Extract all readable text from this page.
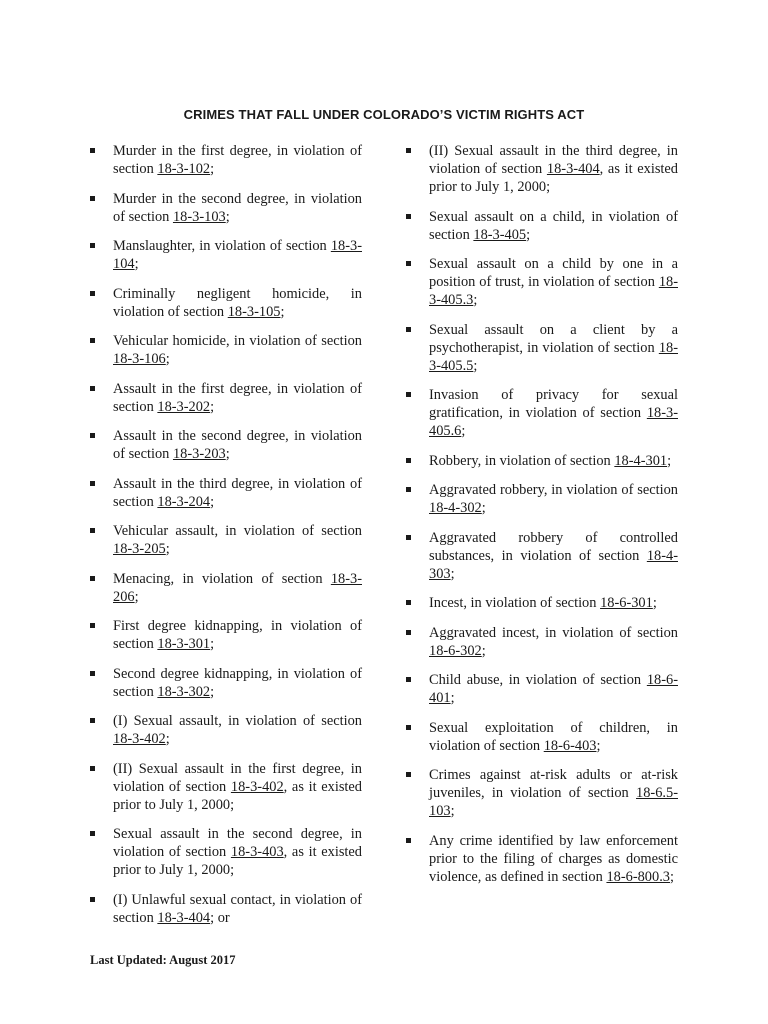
CRIMES THAT FALL UNDER COLORADO’S VICTIM RIGHTS ACT
Murder in the first degree, in violation of section 18-3-102;
Murder in the second degree, in violation of section 18-3-103;
Manslaughter, in violation of section 18-3-104;
Criminally negligent homicide, in violation of section 18-3-105;
Vehicular homicide, in violation of section 18-3-106;
Assault in the first degree, in violation of section 18-3-202;
Assault in the second degree, in violation of section 18-3-203;
Assault in the third degree, in violation of section 18-3-204;
Vehicular assault, in violation of section 18-3-205;
Menacing, in violation of section 18-3-206;
First degree kidnapping, in violation of section 18-3-301;
Second degree kidnapping, in violation of section 18-3-302;
(I) Sexual assault, in violation of section 18-3-402;
(II) Sexual assault in the first degree, in violation of section 18-3-402, as it existed prior to July 1, 2000;
Sexual assault in the second degree, in violation of section 18-3-403, as it existed prior to July 1, 2000;
(I) Unlawful sexual contact, in violation of section 18-3-404; or
(II) Sexual assault in the third degree, in violation of section 18-3-404, as it existed prior to July 1, 2000;
Sexual assault on a child, in violation of section 18-3-405;
Sexual assault on a child by one in a position of trust, in violation of section 18-3-405.3;
Sexual assault on a client by a psychotherapist, in violation of section 18-3-405.5;
Invasion of privacy for sexual gratification, in violation of section 18-3-405.6;
Robbery, in violation of section 18-4-301;
Aggravated robbery, in violation of section 18-4-302;
Aggravated robbery of controlled substances, in violation of section 18-4-303;
Incest, in violation of section 18-6-301;
Aggravated incest, in violation of section 18-6-302;
Child abuse, in violation of section 18-6-401;
Sexual exploitation of children, in violation of section 18-6-403;
Crimes against at-risk adults or at-risk juveniles, in violation of section 18-6.5-103;
Any crime identified by law enforcement prior to the filing of charges as domestic violence, as defined in section 18-6-800.3;
Last Updated: August 2017
